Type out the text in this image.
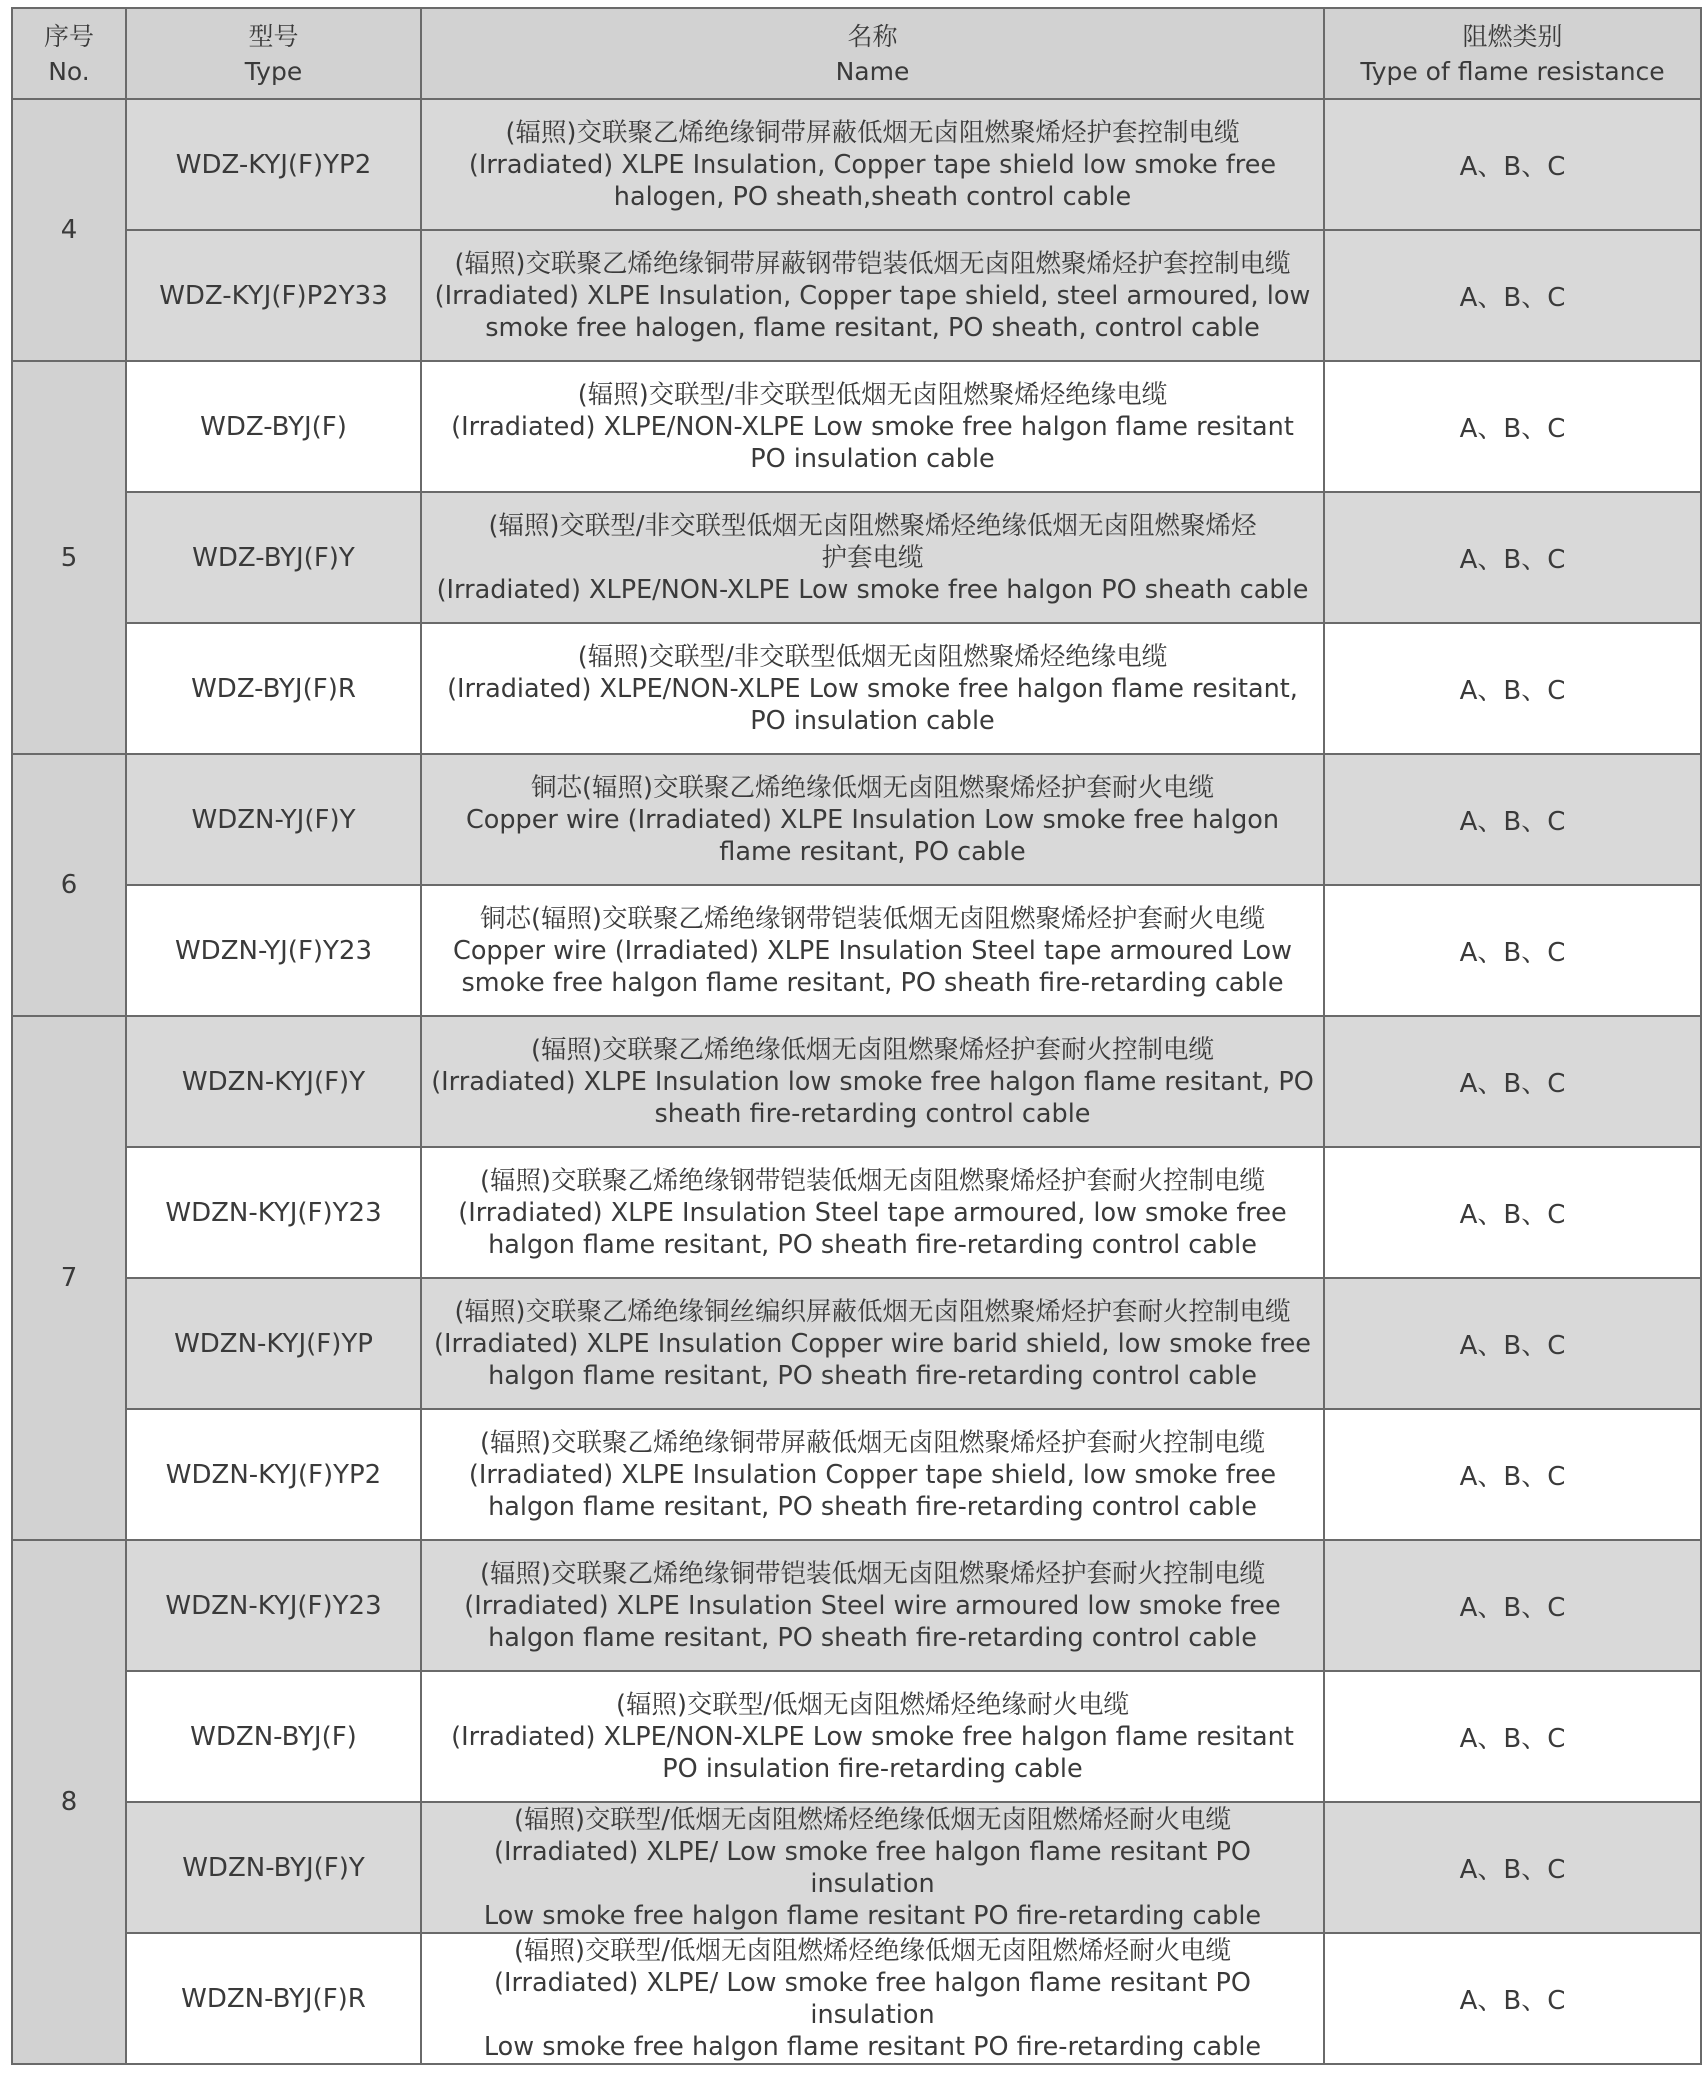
序号
No.	型号
Type	名称
Name	阻燃类别
Type of flame resistance

4	WDZ-KYJ(F)YP2	(辐照)交联聚乙烯绝缘铜带屏蔽低烟无卤阻燃聚烯烃护套控制电缆
(Irradiated) XLPE Insulation, Copper tape shield low smoke free
halogen, PO sheath,sheath control cable	A、B、C
	WDZ-KYJ(F)P2Y33	(辐照)交联聚乙烯绝缘铜带屏蔽钢带铠装低烟无卤阻燃聚烯烃护套控制电缆
(Irradiated) XLPE Insulation, Copper tape shield, steel armoured, low
smoke free halogen, flame resitant, PO sheath, control cable	A、B、C
5	WDZ-BYJ(F)	(辐照)交联型/非交联型低烟无卤阻燃聚烯烃绝缘电缆
(Irradiated) XLPE/NON-XLPE Low smoke free halgon flame resitant
PO insulation cable	A、B、C
	WDZ-BYJ(F)Y	(辐照)交联型/非交联型低烟无卤阻燃聚烯烃绝缘低烟无卤阻燃聚烯烃
护套电缆
(Irradiated) XLPE/NON-XLPE Low smoke free halgon PO sheath cable	A、B、C
	WDZ-BYJ(F)R	(辐照)交联型/非交联型低烟无卤阻燃聚烯烃绝缘电缆
(Irradiated) XLPE/NON-XLPE Low smoke free halgon flame resitant,
PO insulation cable	A、B、C
6	WDZN-YJ(F)Y	铜芯(辐照)交联聚乙烯绝缘低烟无卤阻燃聚烯烃护套耐火电缆
Copper wire (Irradiated) XLPE Insulation Low smoke free halgon
flame resitant, PO cable	A、B、C
	WDZN-YJ(F)Y23	铜芯(辐照)交联聚乙烯绝缘钢带铠装低烟无卤阻燃聚烯烃护套耐火电缆
Copper wire (Irradiated) XLPE Insulation Steel tape armoured Low
smoke free halgon flame resitant, PO sheath fire-retarding cable	A、B、C
7	WDZN-KYJ(F)Y	(辐照)交联聚乙烯绝缘低烟无卤阻燃聚烯烃护套耐火控制电缆
(Irradiated) XLPE Insulation low smoke free halgon flame resitant, PO
sheath fire-retarding control cable	A、B、C
	WDZN-KYJ(F)Y23	(辐照)交联聚乙烯绝缘钢带铠装低烟无卤阻燃聚烯烃护套耐火控制电缆
(Irradiated) XLPE Insulation Steel tape armoured, low smoke free
halgon flame resitant, PO sheath fire-retarding control cable	A、B、C
	WDZN-KYJ(F)YP	(辐照)交联聚乙烯绝缘铜丝编织屏蔽低烟无卤阻燃聚烯烃护套耐火控制电缆
(Irradiated) XLPE Insulation Copper wire barid shield, low smoke free
halgon flame resitant, PO sheath fire-retarding control cable	A、B、C
	WDZN-KYJ(F)YP2	(辐照)交联聚乙烯绝缘铜带屏蔽低烟无卤阻燃聚烯烃护套耐火控制电缆
(Irradiated) XLPE Insulation Copper tape shield, low smoke free
halgon flame resitant, PO sheath fire-retarding control cable	A、B、C
8	WDZN-KYJ(F)Y23	(辐照)交联聚乙烯绝缘铜带铠装低烟无卤阻燃聚烯烃护套耐火控制电缆
(Irradiated) XLPE Insulation Steel wire armoured low smoke free
halgon flame resitant, PO sheath fire-retarding control cable	A、B、C
	WDZN-BYJ(F)	(辐照)交联型/低烟无卤阻燃烯烃绝缘耐火电缆
(Irradiated) XLPE/NON-XLPE Low smoke free halgon flame resitant
PO insulation fire-retarding cable	A、B、C
	WDZN-BYJ(F)Y	(辐照)交联型/低烟无卤阻燃烯烃绝缘低烟无卤阻燃烯烃耐火电缆
(Irradiated) XLPE/ Low smoke free halgon flame resitant PO insulation
Low smoke free halgon flame resitant PO fire-retarding cable	A、B、C
	WDZN-BYJ(F)R	(辐照)交联型/低烟无卤阻燃烯烃绝缘低烟无卤阻燃烯烃耐火电缆
(Irradiated) XLPE/ Low smoke free halgon flame resitant PO insulation
Low smoke free halgon flame resitant PO fire-retarding cable	A、B、C
